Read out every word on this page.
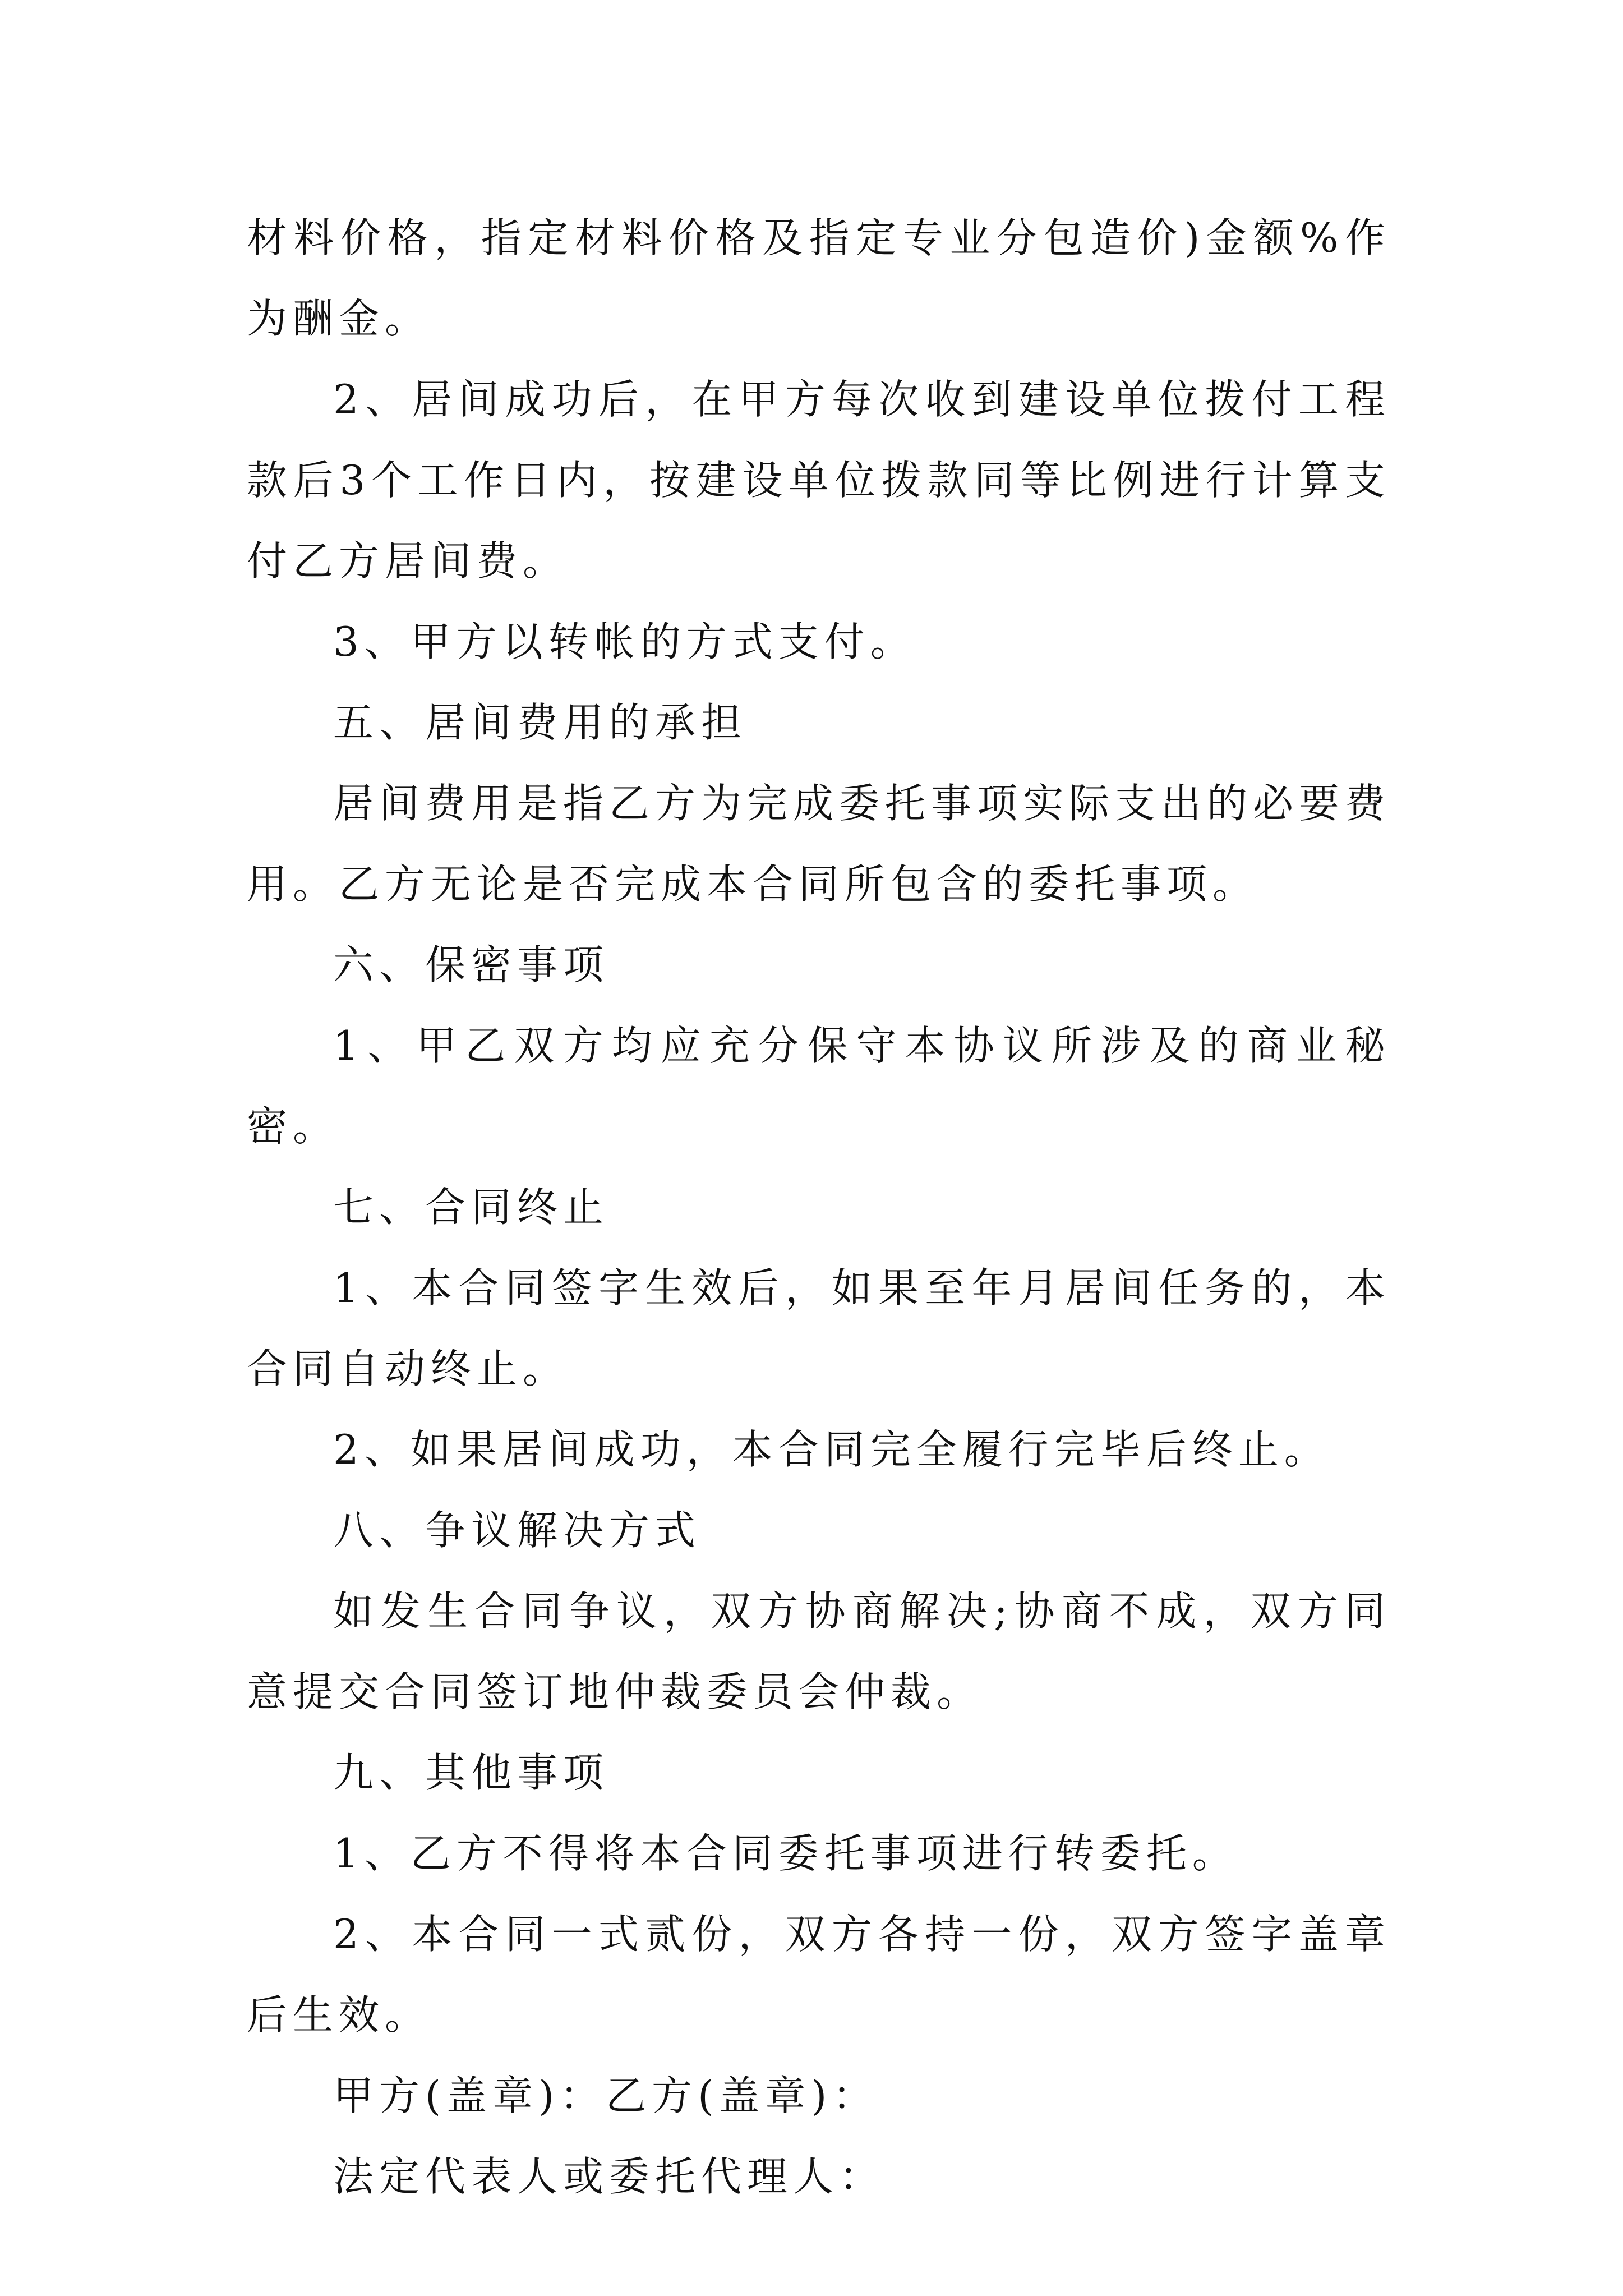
材料价格，指定材料价格及指定专业分包造价)金额%作为酬金。

2、居间成功后，在甲方每次收到建设单位拨付工程款后3个工作日内，按建设单位拨款同等比例进行计算支付乙方居间费。

3、甲方以转帐的方式支付。

五、居间费用的承担

居间费用是指乙方为完成委托事项实际支出的必要费用。乙方无论是否完成本合同所包含的委托事项。

六、保密事项

1、甲乙双方均应充分保守本协议所涉及的商业秘密。

七、合同终止

1、本合同签字生效后，如果至年月居间任务的，本合同自动终止。

2、如果居间成功，本合同完全履行完毕后终止。

八、争议解决方式

如发生合同争议，双方协商解决;协商不成，双方同意提交合同签订地仲裁委员会仲裁。

九、其他事项

1、乙方不得将本合同委托事项进行转委托。

2、本合同一式贰份，双方各持一份，双方签字盖章后生效。

甲方(盖章)：乙方(盖章)：

法定代表人或委托代理人：
